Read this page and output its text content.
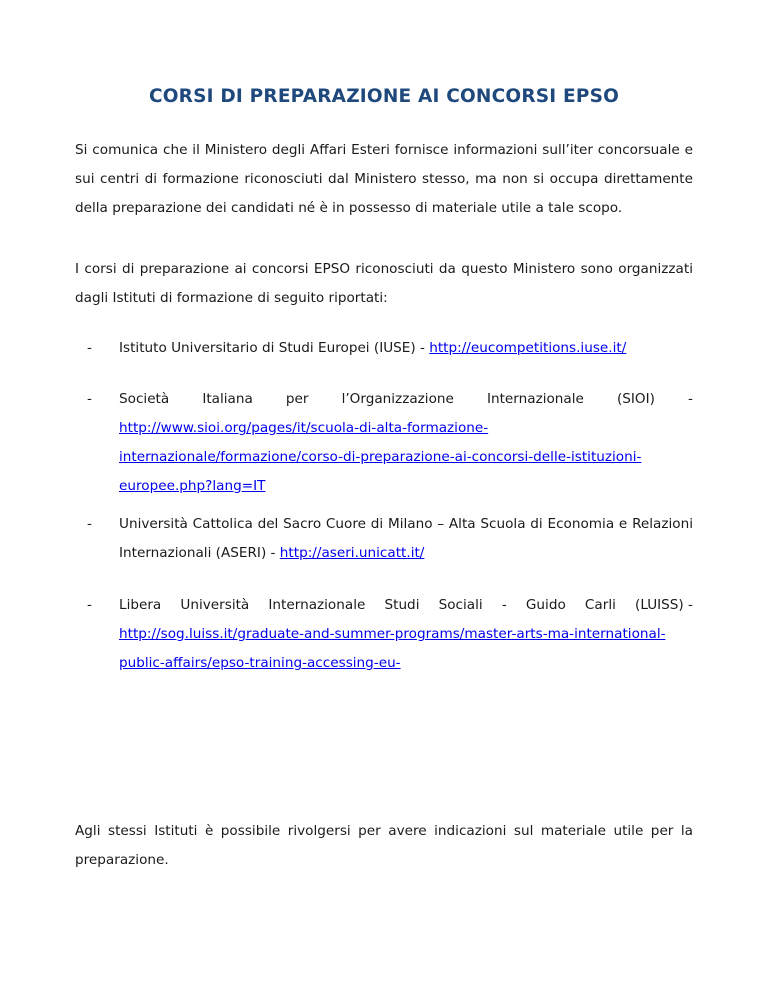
CORSI DI PREPARAZIONE AI CONCORSI EPSO

Si comunica che il Ministero degli Affari Esteri fornisce informazioni sull’iter concorsuale e sui centri di formazione riconosciuti dal Ministero stesso, ma non si occupa direttamente della preparazione dei candidati né è in possesso di materiale utile a tale scopo.

I corsi di preparazione ai concorsi EPSO riconosciuti da questo Ministero sono organizzati dagli Istituti di formazione di seguito riportati:

- Istituto Universitario di Studi Europei (IUSE) - http://eucompetitions.iuse.it/
- Società Italiana per l’Organizzazione Internazionale (SIOI) -
http://www.sioi.org/pages/it/scuola-di-alta-formazione-
internazionale/formazione/corso-di-preparazione-ai-concorsi-delle-istituzioni-
europee.php?lang=IT
- Università Cattolica del Sacro Cuore di Milano – Alta Scuola di Economia e Relazioni Internazionali (ASERI) - http://aseri.unicatt.it/
- Libera Università Internazionale Studi Sociali - Guido Carli (LUISS) -
http://sog.luiss.it/graduate-and-summer-programs/master-arts-ma-international-
public-affairs/epso-training-accessing-eu-

Agli stessi Istituti è possibile rivolgersi per avere indicazioni sul materiale utile per la preparazione.
